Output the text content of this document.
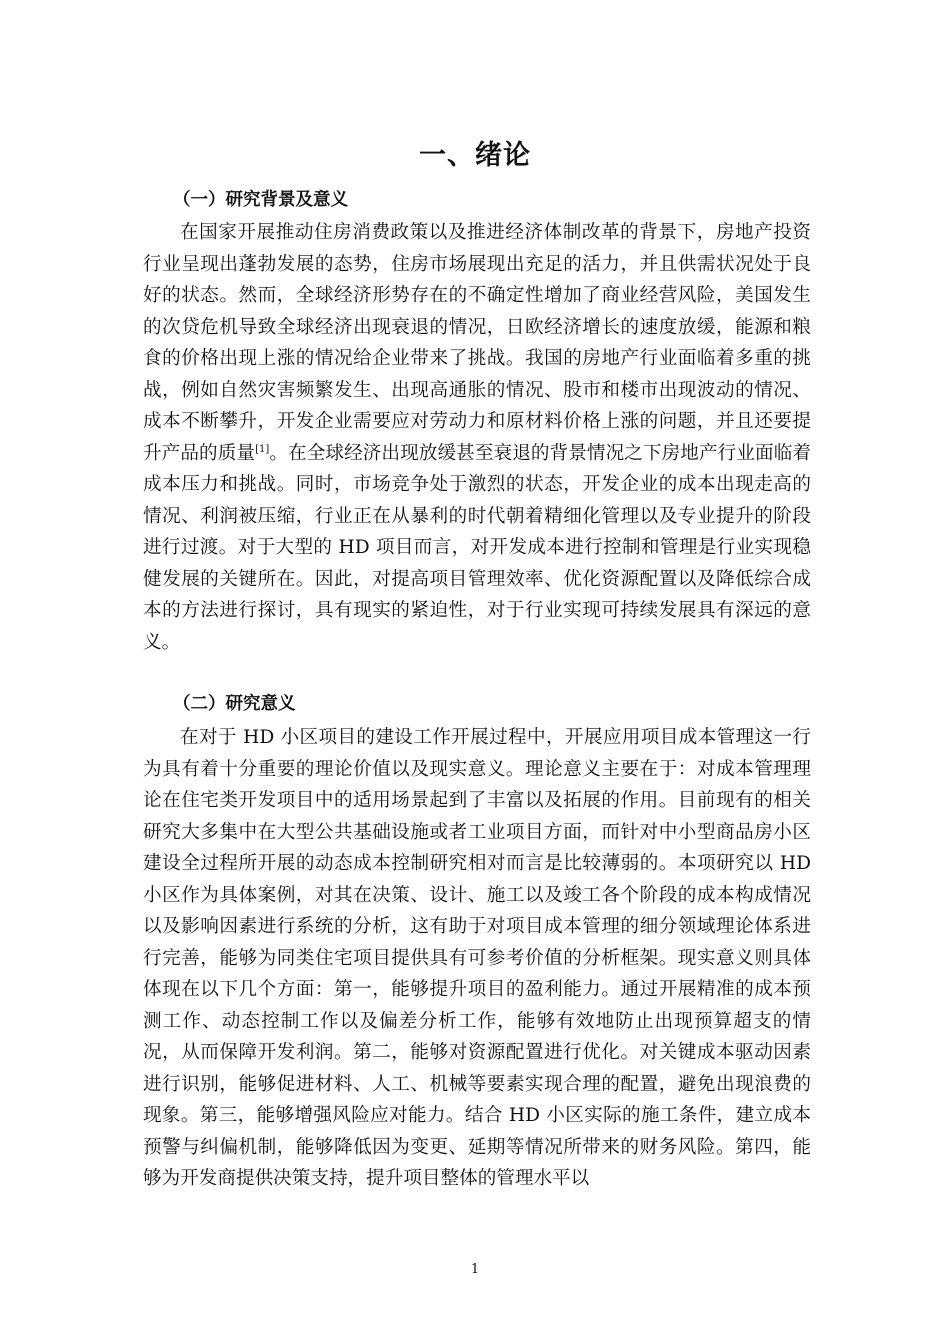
一、绪论
（一）研究背景及意义

在国家开展推动住房消费政策以及推进经济体制改革的背景下，房地产投资行业呈现出蓬勃发展的态势，住房市场展现出充足的活力，并且供需状况处于良好的状态。然而，全球经济形势存在的不确定性增加了商业经营风险，美国发生的次贷危机导致全球经济出现衰退的情况，日欧经济增长的速度放缓，能源和粮食的价格出现上涨的情况给企业带来了挑战。我国的房地产行业面临着多重的挑战，例如自然灾害频繁发生、出现高通胀的情况、股市和楼市出现波动的情况、成本不断攀升，开发企业需要应对劳动力和原材料价格上涨的问题，并且还要提升产品的质量[1]。在全球经济出现放缓甚至衰退的背景情况之下房地产行业面临着成本压力和挑战。同时，市场竞争处于激烈的状态，开发企业的成本出现走高的情况、利润被压缩，行业正在从暴利的时代朝着精细化管理以及专业提升的阶段进行过渡。对于大型的 HD 项目而言，对开发成本进行控制和管理是行业实现稳健发展的关键所在。因此，对提高项目管理效率、优化资源配置以及降低综合成本的方法进行探讨，具有现实的紧迫性，对于行业实现可持续发展具有深远的意义。

（二）研究意义

在对于 HD 小区项目的建设工作开展过程中，开展应用项目成本管理这一行为具有着十分重要的理论价值以及现实意义。理论意义主要在于：对成本管理理论在住宅类开发项目中的适用场景起到了丰富以及拓展的作用。目前现有的相关研究大多集中在大型公共基础设施或者工业项目方面，而针对中小型商品房小区建设全过程所开展的动态成本控制研究相对而言是比较薄弱的。本项研究以 HD 小区作为具体案例，对其在决策、设计、施工以及竣工各个阶段的成本构成情况以及影响因素进行系统的分析，这有助于对项目成本管理的细分领域理论体系进行完善，能够为同类住宅项目提供具有可参考价值的分析框架。现实意义则具体体现在以下几个方面：第一，能够提升项目的盈利能力。通过开展精准的成本预测工作、动态控制工作以及偏差分析工作，能够有效地防止出现预算超支的情况，从而保障开发利润。第二，能够对资源配置进行优化。对关键成本驱动因素进行识别，能够促进材料、人工、机械等要素实现合理的配置，避免出现浪费的现象。第三，能够增强风险应对能力。结合 HD 小区实际的施工条件，建立成本预警与纠偏机制，能够降低因为变更、延期等情况所带来的财务风险。第四，能够为开发商提供决策支持，提升项目整体的管理水平以

1
